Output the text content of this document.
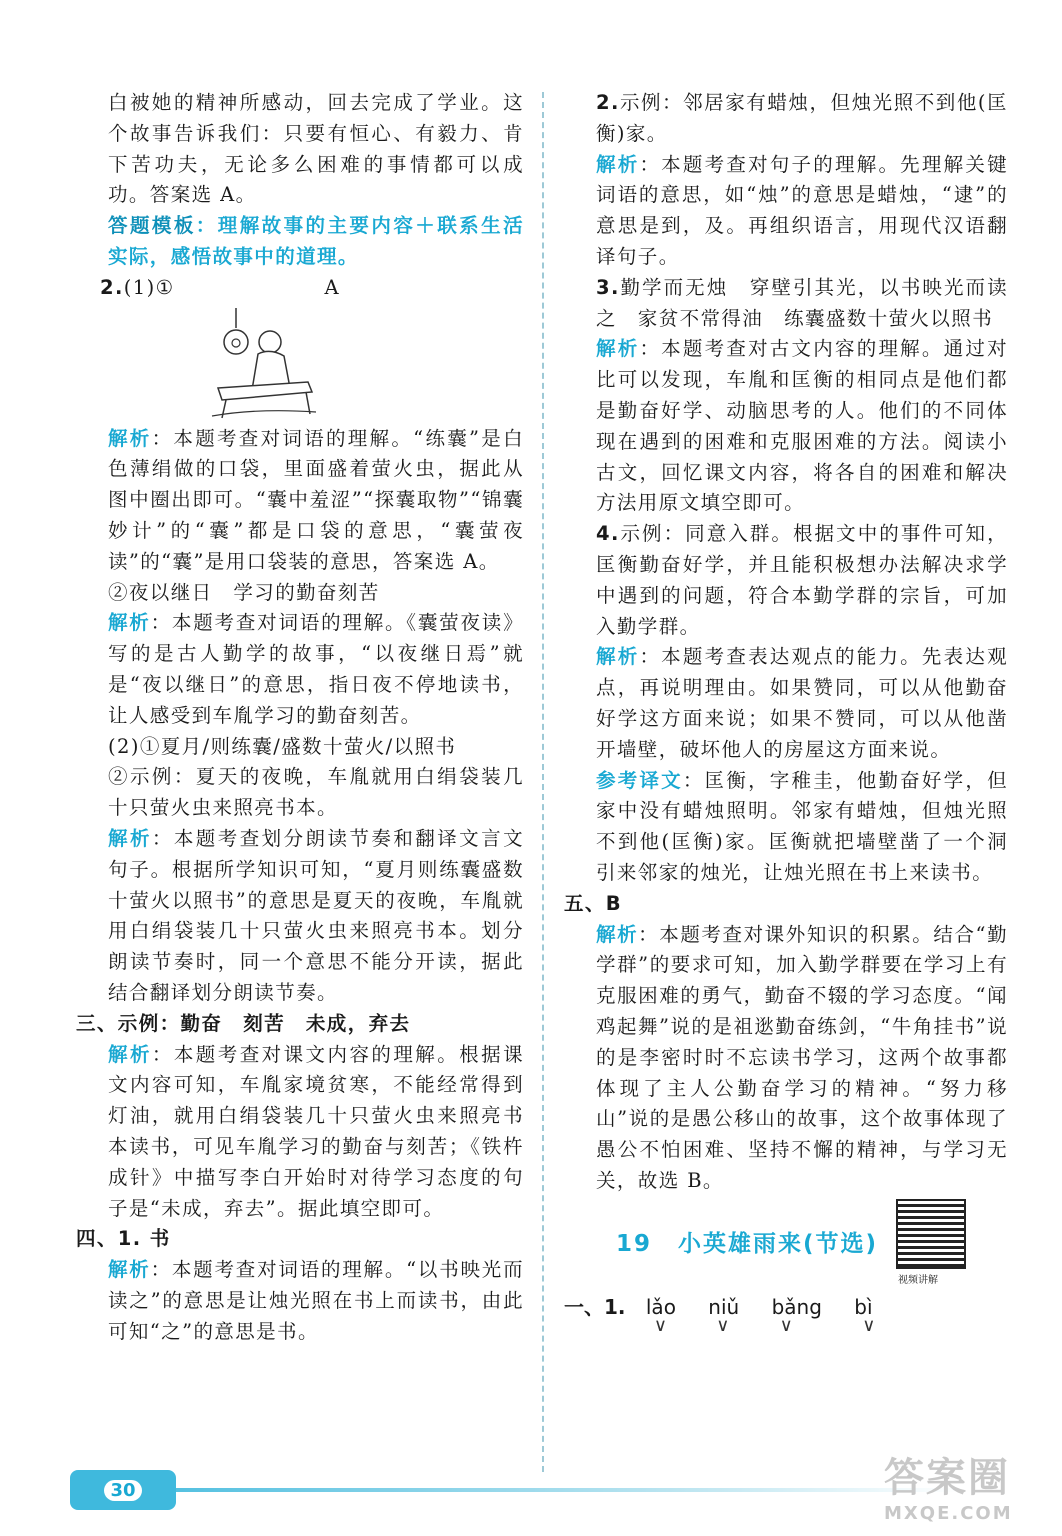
白被她的精神所感动，回去完成了学业。这个故事告诉我们：只要有恒心、有毅力、肯下苦功夫，无论多么困难的事情都可以成功。答案选 A。

答题模板：理解故事的主要内容＋联系生活实际，感悟故事中的道理。

2.(1)①	A

解析：本题考查对词语的理解。“练囊”是白色薄绢做的口袋，里面盛着萤火虫，据此从图中圈出即可。“囊中羞涩”“探囊取物”“锦囊妙计”的“囊”都是口袋的意思，“囊萤夜读”的“囊”是用口袋装的意思，答案选 A。

②夜以继日　学习的勤奋刻苦

解析：本题考查对词语的理解。《囊萤夜读》写的是古人勤学的故事，“以夜继日焉”就是“夜以继日”的意思，指日夜不停地读书，让人感受到车胤学习的勤奋刻苦。

(2)①夏月/则练囊/盛数十萤火/以照书

②示例：夏天的夜晚，车胤就用白绢袋装几十只萤火虫来照亮书本。

解析：本题考查划分朗读节奏和翻译文言文句子。根据所学知识可知，“夏月则练囊盛数十萤火以照书”的意思是夏天的夜晚，车胤就用白绢袋装几十只萤火虫来照亮书本。划分朗读节奏时，同一个意思不能分开读，据此结合翻译划分朗读节奏。

三、示例：勤奋　刻苦　未成，弃去

解析：本题考查对课文内容的理解。根据课文内容可知，车胤家境贫寒，不能经常得到灯油，就用白绢袋装几十只萤火虫来照亮书本读书，可见车胤学习的勤奋与刻苦；《铁杵成针》中描写李白开始时对待学习态度的句子是“未成，弃去”。据此填空即可。

四、1. 书

解析：本题考查对词语的理解。“以书映光而读之”的意思是让烛光照在书上而读书，由此可知“之”的意思是书。

2.示例：邻居家有蜡烛，但烛光照不到他(匡衡)家。

解析：本题考查对句子的理解。先理解关键词语的意思，如“烛”的意思是蜡烛，“逮”的意思是到，及。再组织语言，用现代汉语翻译句子。

3.勤学而无烛　穿壁引其光，以书映光而读之　家贫不常得油　练囊盛数十萤火以照书

解析：本题考查对古文内容的理解。通过对比可以发现，车胤和匡衡的相同点是他们都是勤奋好学、动脑思考的人。他们的不同体现在遇到的困难和克服困难的方法。阅读小古文，回忆课文内容，将各自的困难和解决方法用原文填空即可。

4.示例：同意入群。根据文中的事件可知，匡衡勤奋好学，并且能积极想办法解决求学中遇到的问题，符合本勤学群的宗旨，可加入勤学群。

解析：本题考查表达观点的能力。先表达观点，再说明理由。如果赞同，可以从他勤奋好学这方面来说；如果不赞同，可以从他凿开墙壁，破坏他人的房屋这方面来说。

参考译文：匡衡，字稚圭，他勤奋好学，但家中没有蜡烛照明。邻家有蜡烛，但烛光照不到他(匡衡)家。匡衡就把墙壁凿了一个洞引来邻家的烛光，让烛光照在书上来读书。

五、B

解析：本题考查对课外知识的积累。结合“勤学群”的要求可知，加入勤学群要在学习上有克服困难的勇气，勤奋不辍的学习态度。“闻鸡起舞”说的是祖逖勤奋练剑，“牛角挂书”说的是李密时时不忘读书学习，这两个故事都体现了主人公勤奋学习的精神。“努力移山”说的是愚公移山的故事，这个故事体现了愚公不怕困难、坚持不懈的精神，与学习无关，故选 B。

19 小英雄雨来(节选)
视频讲解
一、1. lǎo ∨ niǔ ∨ bǎng ∨ bì ∨
30	答案圈
MXQE.COM
